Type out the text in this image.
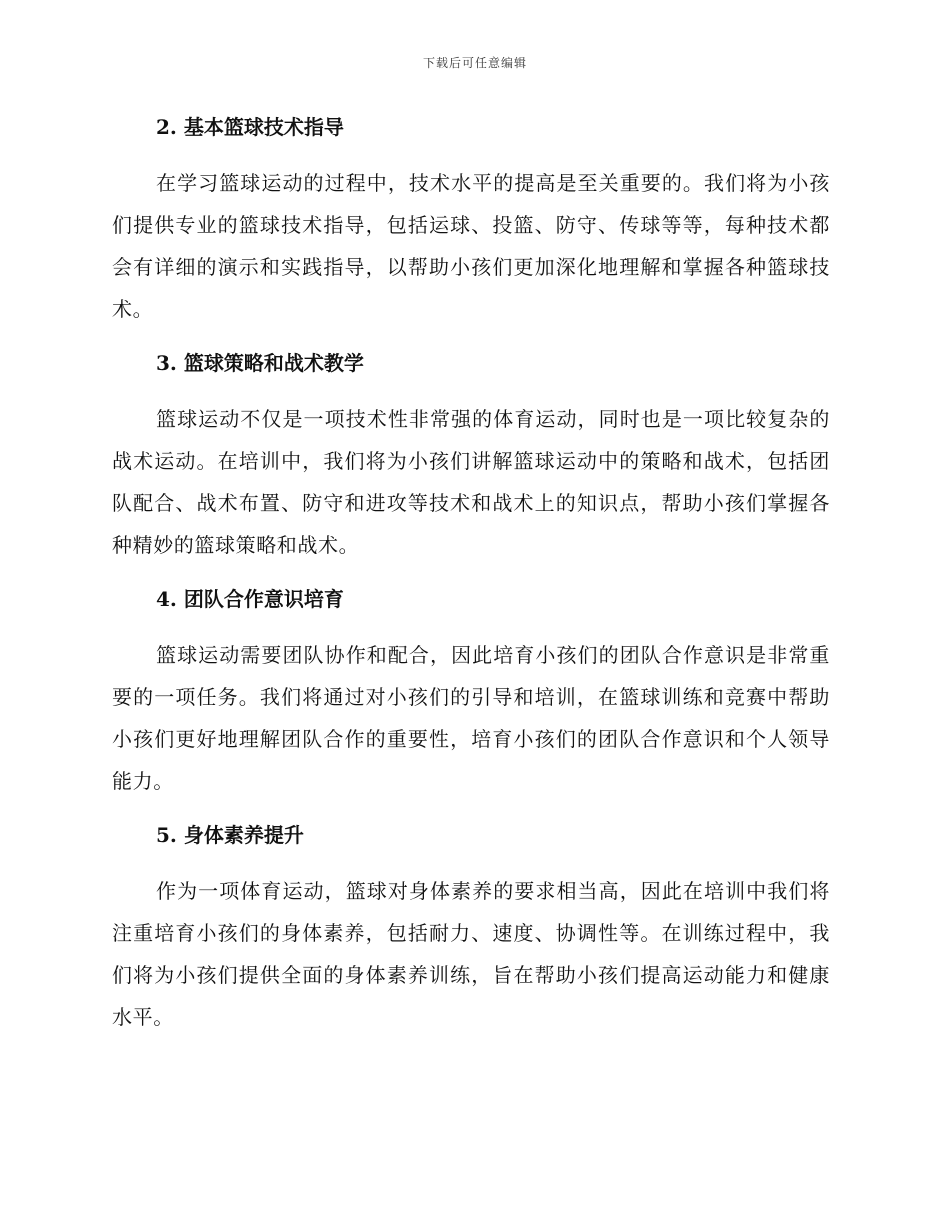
下载后可任意编辑
2. 基本篮球技术指导
在学习篮球运动的过程中，技术水平的提高是至关重要的。我们将为小孩们提供专业的篮球技术指导，包括运球、投篮、防守、传球等等，每种技术都会有详细的演示和实践指导，以帮助小孩们更加深化地理解和掌握各种篮球技术。
3. 篮球策略和战术教学
篮球运动不仅是一项技术性非常强的体育运动，同时也是一项比较复杂的战术运动。在培训中，我们将为小孩们讲解篮球运动中的策略和战术，包括团队配合、战术布置、防守和进攻等技术和战术上的知识点，帮助小孩们掌握各种精妙的篮球策略和战术。
4. 团队合作意识培育
篮球运动需要团队协作和配合，因此培育小孩们的团队合作意识是非常重要的一项任务。我们将通过对小孩们的引导和培训，在篮球训练和竞赛中帮助小孩们更好地理解团队合作的重要性，培育小孩们的团队合作意识和个人领导能力。
5. 身体素养提升
作为一项体育运动，篮球对身体素养的要求相当高，因此在培训中我们将注重培育小孩们的身体素养，包括耐力、速度、协调性等。在训练过程中，我们将为小孩们提供全面的身体素养训练，旨在帮助小孩们提高运动能力和健康水平。
